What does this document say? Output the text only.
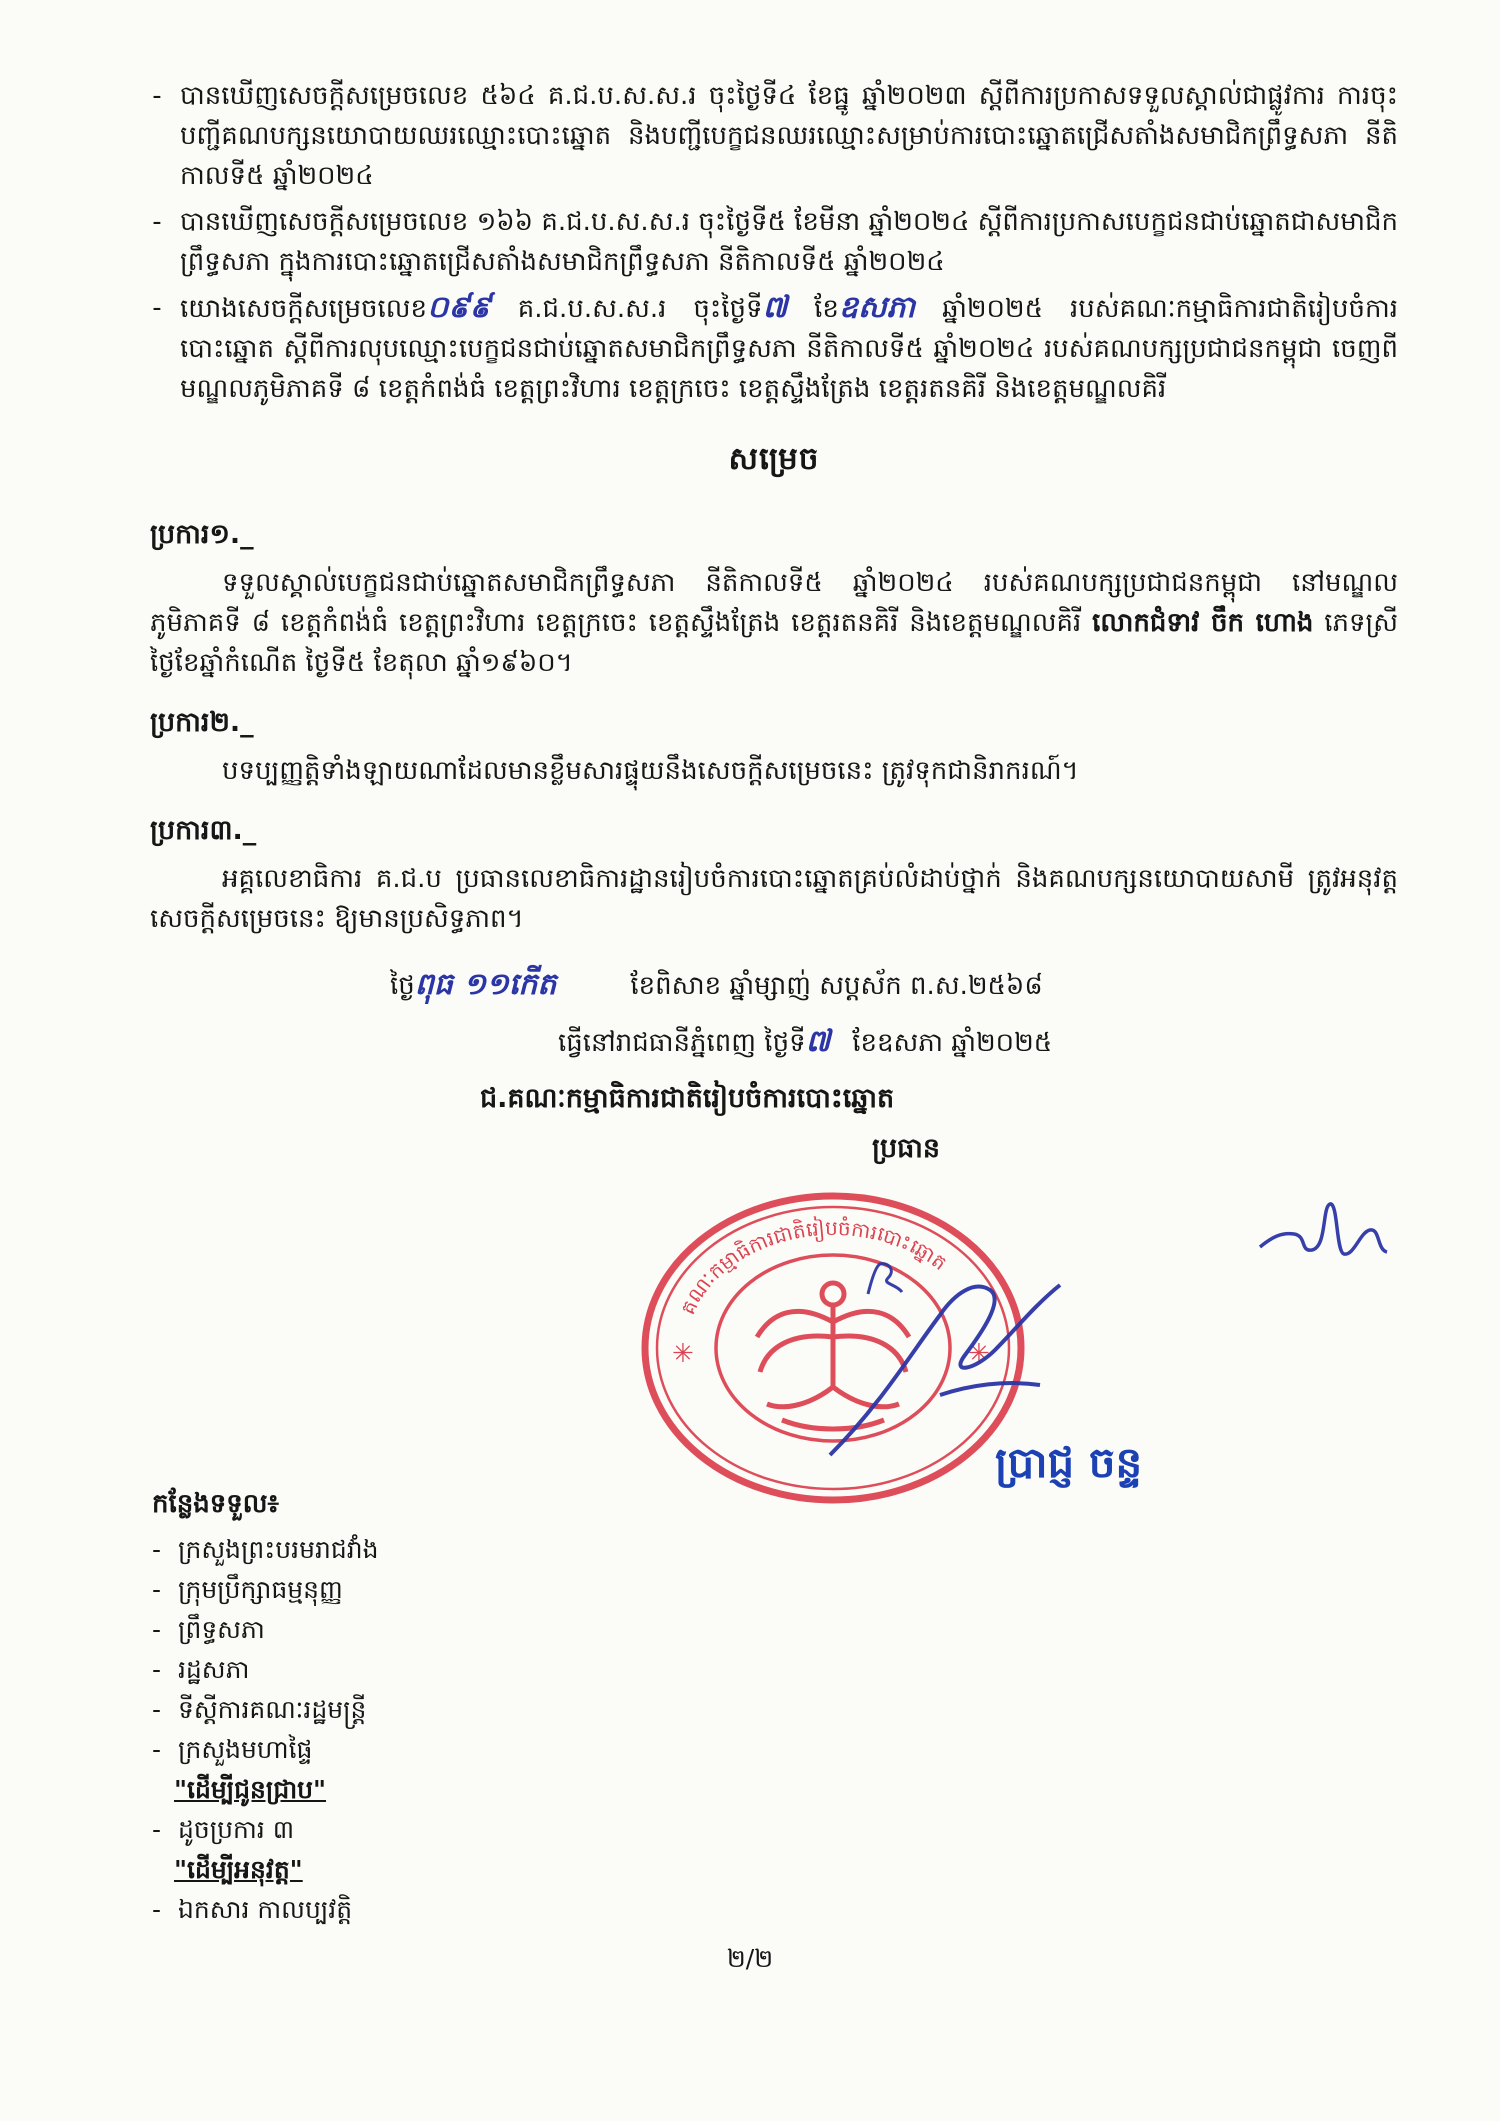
- បានឃើញសេចក្ដីសម្រេចលេខ ៥៦៤ គ.ជ.ប.ស.ស.រ ចុះថ្ងៃទី៤ ខែធ្នូ ឆ្នាំ២០២៣ ស្ដីពីការប្រកាសទទួលស្គាល់ជាផ្លូវការ ការចុះបញ្ជីគណបក្សនយោបាយឈរឈ្មោះបោះឆ្នោត និងបញ្ជីបេក្ខជនឈរឈ្មោះសម្រាប់ការបោះឆ្នោតជ្រើសតាំងសមាជិកព្រឹទ្ធសភា នីតិកាលទី៥ ឆ្នាំ២០២៤
- បានឃើញសេចក្ដីសម្រេចលេខ ១៦៦ គ.ជ.ប.ស.ស.រ ចុះថ្ងៃទី៥ ខែមីនា ឆ្នាំ២០២៤ ស្ដីពីការប្រកាសបេក្ខជនជាប់ឆ្នោតជាសមាជិកព្រឹទ្ធសភា ក្នុងការបោះឆ្នោតជ្រើសតាំងសមាជិកព្រឹទ្ធសភា នីតិកាលទី៥ ឆ្នាំ២០២៤
- យោងសេចក្ដីសម្រេចលេខ០៩៩ គ.ជ.ប.ស.ស.រ ចុះថ្ងៃទី៧ ខែឧសភា ឆ្នាំ២០២៥ របស់គណៈកម្មាធិការជាតិរៀបចំការបោះឆ្នោត ស្ដីពីការលុបឈ្មោះបេក្ខជនជាប់ឆ្នោតសមាជិកព្រឹទ្ធសភា នីតិកាលទី៥ ឆ្នាំ២០២៤ របស់គណបក្សប្រជាជនកម្ពុជា ចេញពីមណ្ឌលភូមិភាគទី ៨ ខេត្តកំពង់ធំ ខេត្តព្រះវិហារ ខេត្តក្រចេះ ខេត្តស្ទឹងត្រែង ខេត្តរតនគិរី និងខេត្តមណ្ឌលគិរី
សម្រេច
ប្រការ១._
ទទួលស្គាល់បេក្ខជនជាប់ឆ្នោតសមាជិកព្រឹទ្ធសភា នីតិកាលទី៥ ឆ្នាំ២០២៤ របស់គណបក្សប្រជាជនកម្ពុជា នៅមណ្ឌលភូមិភាគទី ៨ ខេត្តកំពង់ធំ ខេត្តព្រះវិហារ ខេត្តក្រចេះ ខេត្តស្ទឹងត្រែង ខេត្តរតនគិរី និងខេត្តមណ្ឌលគិរី លោកជំទាវ ចឹក ហោង ភេទស្រី ថ្ងៃខែឆ្នាំកំណើត ថ្ងៃទី៥ ខែតុលា ឆ្នាំ១៩៦០។
ប្រការ២._
បទប្បញ្ញត្តិទាំងឡាយណាដែលមានខ្លឹមសារផ្ទុយនឹងសេចក្ដីសម្រេចនេះ ត្រូវទុកជានិរាករណ៍។
ប្រការ៣._
អគ្គលេខាធិការ គ.ជ.ប ប្រធានលេខាធិការដ្ឋានរៀបចំការបោះឆ្នោតគ្រប់លំដាប់ថ្នាក់ និងគណបក្សនយោបាយសាមី ត្រូវអនុវត្តសេចក្ដីសម្រេចនេះ ឱ្យមានប្រសិទ្ធភាព។
ថ្ងៃពុធ ១១កើត	ខែពិសាខ ឆ្នាំម្សាញ់ សប្តស័ក ព.ស.២៥៦៨
ធ្វើនៅរាជធានីភ្នំពេញ ថ្ងៃទី៧ ខែឧសភា ឆ្នាំ២០២៥
ជ.គណៈកម្មាធិការជាតិរៀបចំការបោះឆ្នោត
ប្រធាន
គណៈកម្មាធិការជាតិរៀបចំការបោះឆ្នោត
✳	✳
ប្រាជ្ញ ចន្ទ
កន្លែងទទួល៖
- ក្រសួងព្រះបរមរាជវាំង
- ក្រុមប្រឹក្សាធម្មនុញ្ញ
- ព្រឹទ្ធសភា
- រដ្ឋសភា
- ទីស្ដីការគណៈរដ្ឋមន្ត្រី
- ក្រសួងមហាផ្ទៃ
"ដើម្បីជូនជ្រាប"
- ដូចប្រការ ៣
"ដើម្បីអនុវត្ត"
- ឯកសារ កាលប្បវត្តិ
២/២
